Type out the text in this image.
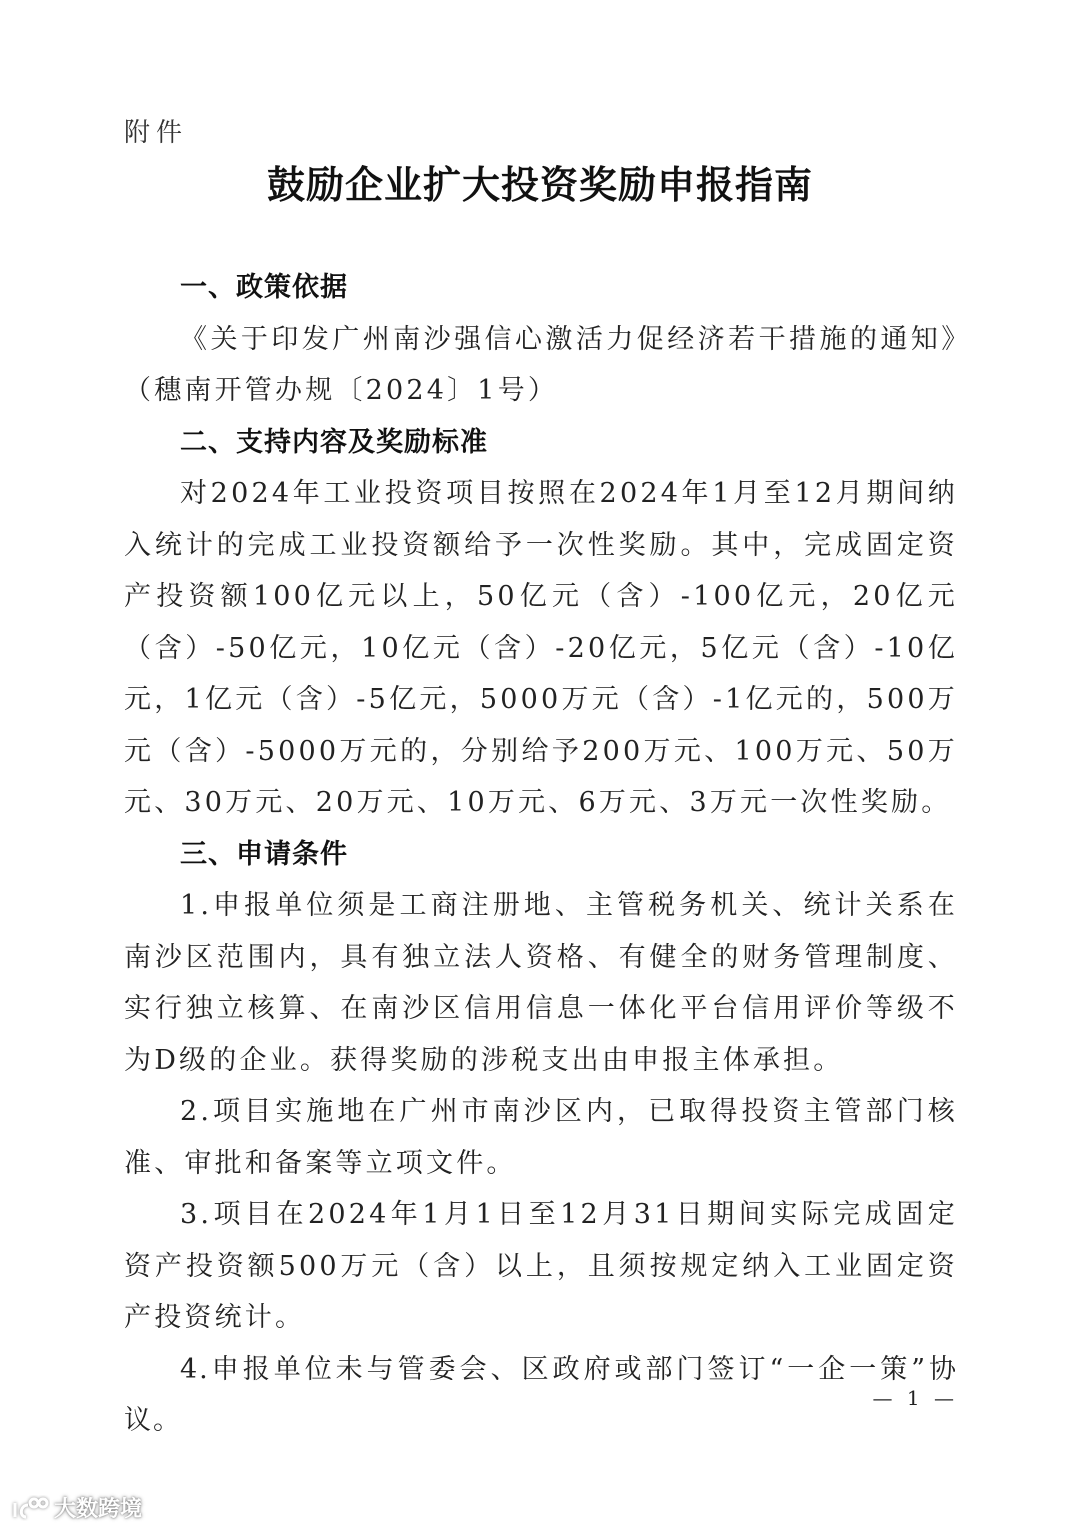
附件
鼓励企业扩大投资奖励申报指南
一、政策依据

《关于印发广州南沙强信心激活力促经济若干措施的通知》（穗南开管办规〔2024〕1号）

二、支持内容及奖励标准

对2024年工业投资项目按照在2024年1月至12月期间纳入统计的完成工业投资额给予一次性奖励。其中，完成固定资产投资额100亿元以上，50亿元（含）-100亿元，20亿元（含）-50亿元，10亿元（含）-20亿元，5亿元（含）-10亿元，1亿元（含）-5亿元，5000万元（含）-1亿元的，500万元（含）-5000万元的，分别给予200万元、100万元、50万元、30万元、20万元、10万元、6万元、3万元一次性奖励。

三、申请条件

1.申报单位须是工商注册地、主管税务机关、统计关系在南沙区范围内，具有独立法人资格、有健全的财务管理制度、实行独立核算、在南沙区信用信息一体化平台信用评价等级不为D级的企业。获得奖励的涉税支出由申报主体承担。

2.项目实施地在广州市南沙区内，已取得投资主管部门核准、审批和备案等立项文件。

3.项目在2024年1月1日至12月31日期间实际完成固定资产投资额500万元（含）以上，且须按规定纳入工业固定资产投资统计。

4.申报单位未与管委会、区政府或部门签订“一企一策”协议。

— 1 —
大数跨境
